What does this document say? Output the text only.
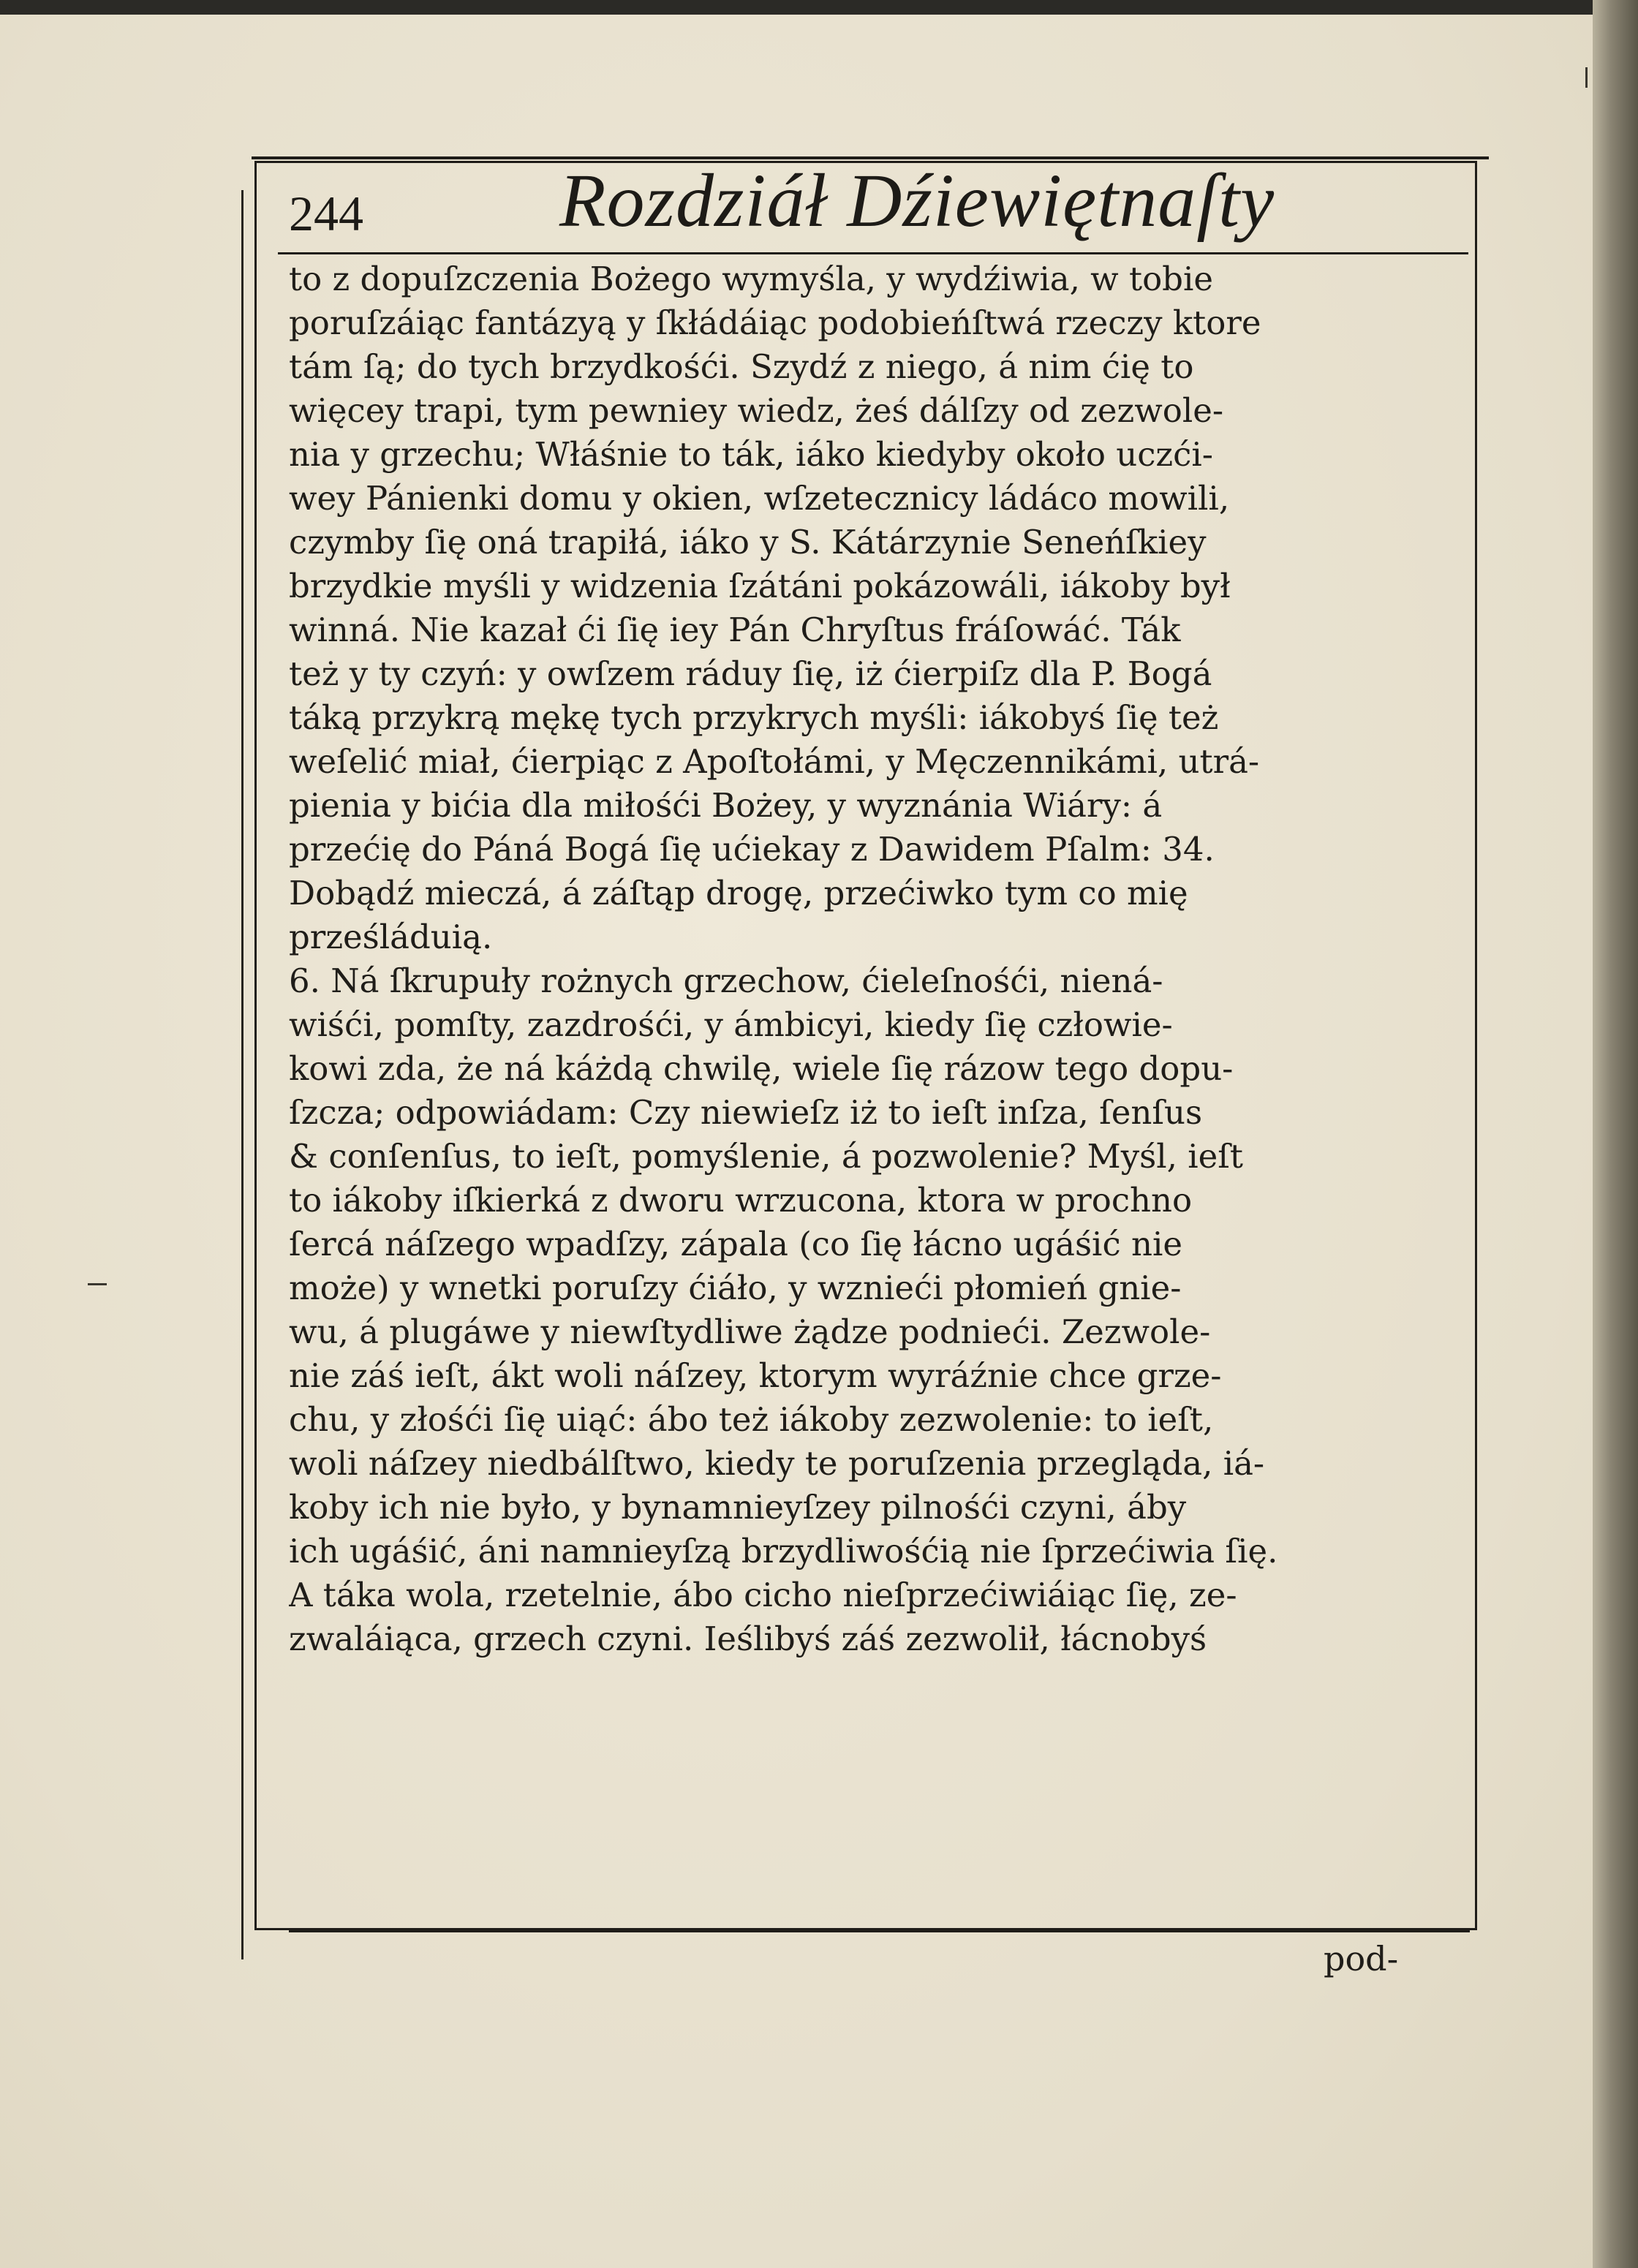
244	Rozdziáł Dźiewiętnaſty
to z dopuſzczenia Bożego wymyśla, y wydźiwia, w tobie
poruſzáiąc fantázyą y ſkłádáiąc podobieńſtwá rzeczy ktore
tám ſą; do tych brzydkośći. Szydź z niego, á nim ćię to
więcey trapi, tym pewniey wiedz, żeś dálſzy od zezwole-
nia y grzechu; Włáśnie to ták, iáko kiedyby około uczći-
wey Pánienki domu y okien, wſzetecznicy ládáco mowili,
czymby ſię oná trapiłá, iáko y S. Kátárzynie Seneńſkiey
brzydkie myśli y widzenia ſzátáni pokázowáli, iákoby był
winná. Nie kazał ći ſię iey Pán Chryſtus fráſowáć. Ták
też y ty czyń: y owſzem ráduy ſię, iż ćierpiſz dla P. Bogá
táką przykrą mękę tych przykrych myśli: iákobyś ſię też
weſelić miał, ćierpiąc z Apoſtołámi, y Męczennikámi, utrá-
pienia y bićia dla miłośći Bożey, y wyznánia Wiáry: á
przećię do Páná Bogá ſię ućiekay z Dawidem Pſalm: 34.
Dobądź mieczá, á záſtąp drogę, przećiwko tym co mię
prześláduią.
6. Ná ſkrupuły rożnych grzechow, ćieleſnośći, niená-
wiśći, pomſty, zazdrośći, y ámbicyi, kiedy ſię człowie-
kowi zda, że ná káżdą chwilę, wiele ſię rázow tego dopu-
ſzcza; odpowiádam: Czy niewieſz iż to ieſt inſza, ſenſus
& conſenſus, to ieſt, pomyślenie, á pozwolenie? Myśl, ieſt
to iákoby iſkierká z dworu wrzucona, ktora w prochno
ſercá náſzego wpadſzy, zápala (co ſię łácno ugáśić nie
może) y wnetki poruſzy ćiáło, y wznieći płomień gnie-
wu, á plugáwe y niewſtydliwe żądze podnieći. Zezwole-
nie záś ieſt, ákt woli náſzey, ktorym wyráźnie chce grze-
chu, y złośći ſię uiąć: ábo też iákoby zezwolenie: to ieſt,
woli náſzey niedbálſtwo, kiedy te poruſzenia przegląda, iá-
koby ich nie było, y bynamnieyſzey pilnośći czyni, áby
ich ugáśić, áni namnieyſzą brzydliwośćią nie ſprzećiwia ſię.
A táka wola, rzetelnie, ábo cicho nieſprzećiwiáiąc ſię, ze-
zwaláiąca, grzech czyni. Ieślibyś záś zezwolił, łácnobyś
pod-
